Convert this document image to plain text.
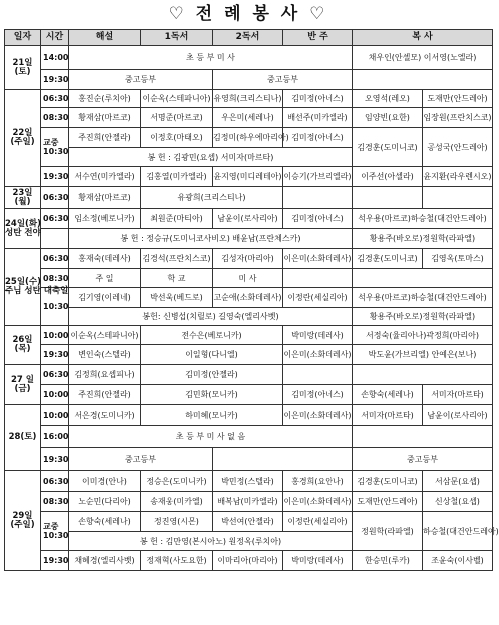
♡ 전 례 봉 사 ♡
일자	시간	해설	1독서	2독서	반 주	복 사	

21일
(토)	14:00	초 등 부 미 사				채우인(안셀모) 이서영(노엘라)	
	19:30	중고등부		중고등부			

22일
(주일)	06:30	홍진순(루치아)	이순옥(스테파니아)	유영희(크리스티나)	김미정(아네스)	오영석(레오)	도재만(안드레아)
	08:30	황재삼(마르코)	서명준(마르코)	우은미(세레나)	배선주(미카엘라)	임양빈(요한)	임장원(프란치스코)
	교중 10:30	주진희(안젤라)	이정호(마태오)	김정미(하우에마리아)	김미정(아네스)	김경훈(도미니코)	공성국(안드레아)
		봉 헌 : 김광민(요셉) 서미자(마르타)					
	19:30	서수연(미카엘라)	김홍열(미카엘라)	윤지영(미디레테아)	이승기(가브리엘라)	이주선(아셀라)	윤지환(라우렌시오)

23일
(월)	06:30	황재삼(마르코)	유광희(크리스티나)				

24일(화)
성탄 전야	06:30	임소정(베로니카)	최원준(마티아)	남윤이(로사리아)	김미정(아네스)	석우용(마르코)하승철(대건안드레아)	
		봉 헌 : 정승규(도미니코사비오) 배윤남(프란체스카)				황용주(바오로)정원학(라파엘)	

25일(수)
주님 성탄 대축일	06:30	홍재숙(데레사)	김경석(프란치스코)	김성자(마리아)	이은미(소화데레사)	김경훈(도미니코)	김영옥(토마스)
	08:30	주 일	학 교	미 사			
	10:30	김기영(이레네)	박선욱(베드로)	고순애(소화데레사)	이정란(세실리아)	석우용(마르코)하승철(대건안드레아)	
		봉헌: 신병섭(치릴로) 길영숙(엘리사벳)				황용주(바오로)정원학(라파엘)	

26일
(목)	10:00	이순옥(스테파니아)	전수은(베로니카)		박미랑(데레사)	서정숙(율리아나)곽정희(마리아)	
	19:30	변인숙(스텔라)	이일형(다니엘)		이은미(소화데레사)	박도윤(가브리엘) 안예은(보나)	

27 일
(금)	06:30	김정희(요셉피나)	김미정(안젤라)				
	10:00	주진희(안젤라)	김민화(모니카)		김미정(아네스)	손향숙(세레나)	서미자(마르타)

28(토)	10:00	서은경(도미니카)	하미혜(모니카)		이은미(소화데레사)	서미자(마르타)	남윤이(로사리아)
	16:00	초 등 부 미 사 없 음					
	19:30	중고등부				중고등부	

29일
(주일)	06:30	이미경(안나)	정승은(도미니카)	박민정(스텔라)	홍경희(요안나)	김경훈(도미니코)	서삼문(요셉)
	08:30	노순민(다리아)	송재웅(미카엘)	배복남(미카엘라)	이은미(소화데레사)	도재만(안드레아)	신상철(요셉)
	교중 10:30	손향숙(세레나)	정진영(시몬)	박선여(안젤라)	이정란(세실리아)	정원학(라파엘)	하승철(대건안드레아)
		봉 헌 : 김만영(본시아노) 원정옥(루치아)					
	19:30	채혜경(엘리사벳)	정재혁(사도요한)	이마리아(마리아)	박미랑(데레사)	한승민(루카)	조윤숙(이사벨)
